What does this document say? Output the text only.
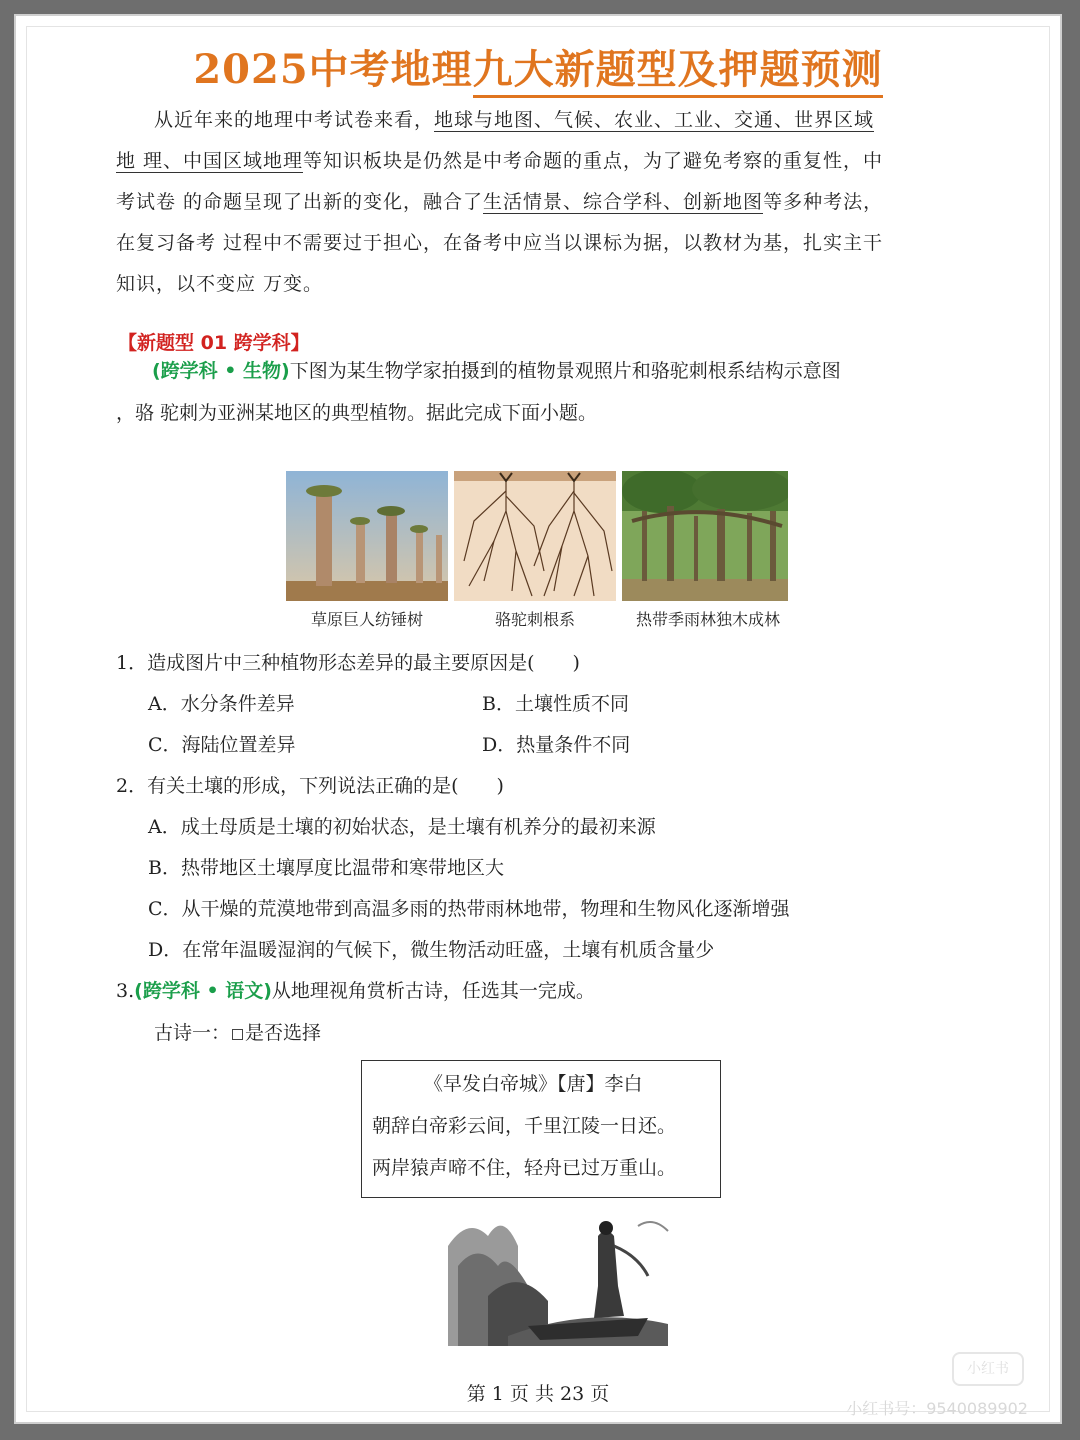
2025中考地理九大新题型及押题预测
从近年来的地理中考试卷来看，地球与地图、气候、农业、工业、交通、世界区域
地 理、中国区域地理等知识板块是仍然是中考命题的重点，为了避免考察的重复性，中
考试卷 的命题呈现了出新的变化，融合了生活情景、综合学科、创新地图等多种考法，
在复习备考 过程中不需要过于担心，在备考中应当以课标为据，以教材为基，扎实主干
知识，以不变应 万变。
【新题型 01 跨学科】
(跨学科 • 生物)下图为某生物学家拍摄到的植物景观照片和骆驼刺根系结构示意图
，骆 驼刺为亚洲某地区的典型植物。据此完成下面小题。
草原巨人纺锤树	骆驼刺根系	热带季雨林独木成林
1．造成图片中三种植物形态差异的最主要原因是(　　)
A．水分条件差异	B．土壤性质不同
C．海陆位置差异	D．热量条件不同
2．有关土壤的形成，下列说法正确的是(　　)
A．成土母质是土壤的初始状态，是土壤有机养分的最初来源
B．热带地区土壤厚度比温带和寒带地区大
C．从干燥的荒漠地带到高温多雨的热带雨林地带，物理和生物风化逐渐增强
D．在常年温暖湿润的气候下，微生物活动旺盛，土壤有机质含量少
3.(跨学科 • 语文)从地理视角赏析古诗，任选其一完成。
古诗一： 是否选择
《早发白帝城》【唐】李白
朝辞白帝彩云间，千里江陵一日还。
两岸猿声啼不住，轻舟已过万重山。
第 1 页 共 23 页
小红书
小红书号：9540089902
